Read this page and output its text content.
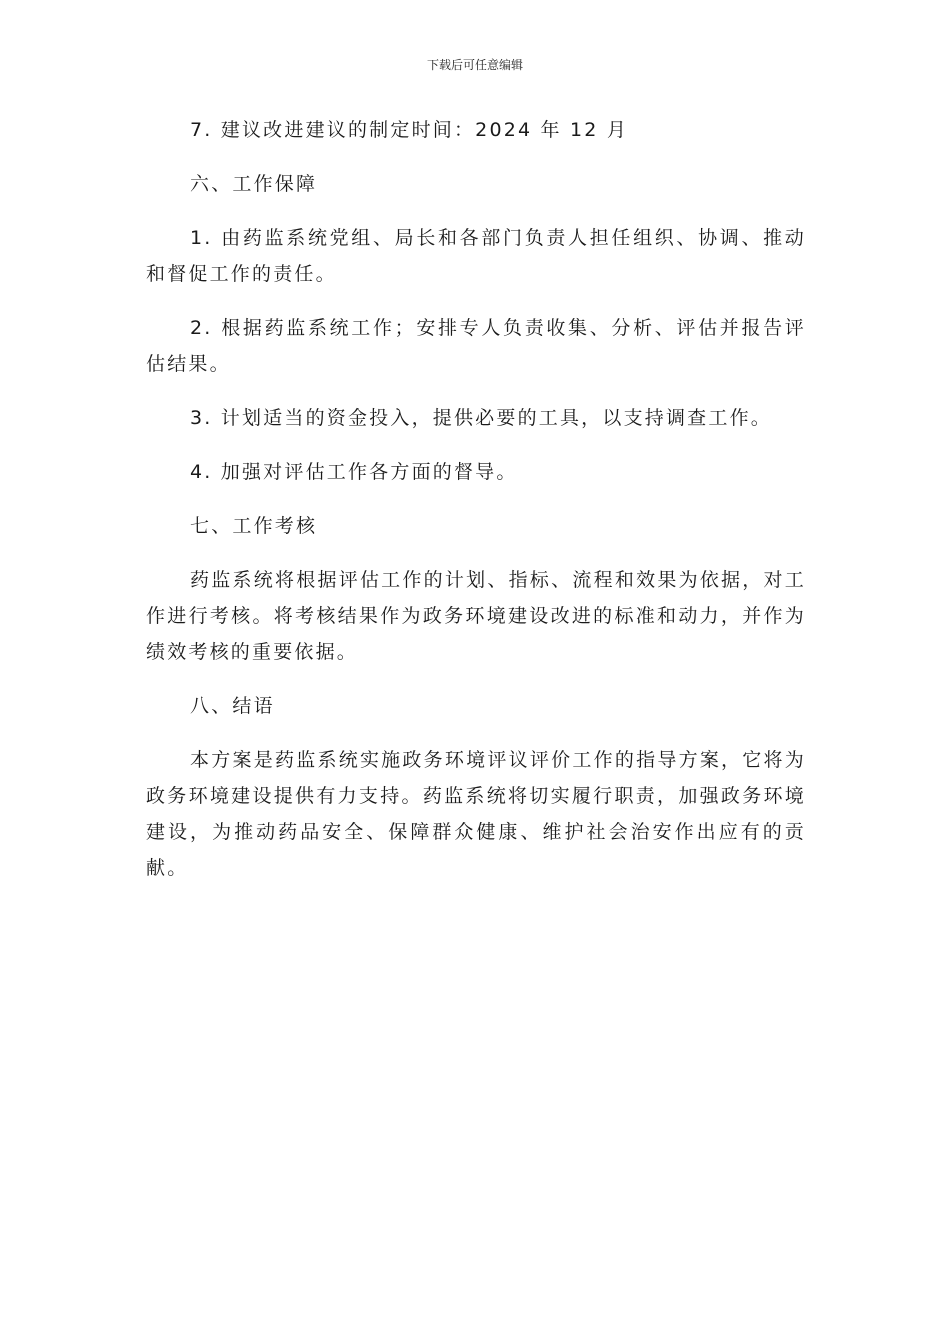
下载后可任意编辑

7. 建议改进建议的制定时间：2024 年 12 月

六、工作保障

1. 由药监系统党组、局长和各部门负责人担任组织、协调、推动和督促工作的责任。

2. 根据药监系统工作；安排专人负责收集、分析、评估并报告评估结果。

3. 计划适当的资金投入，提供必要的工具，以支持调查工作。

4. 加强对评估工作各方面的督导。

七、工作考核

药监系统将根据评估工作的计划、指标、流程和效果为依据，对工作进行考核。将考核结果作为政务环境建设改进的标准和动力，并作为绩效考核的重要依据。

八、结语

本方案是药监系统实施政务环境评议评价工作的指导方案，它将为政务环境建设提供有力支持。药监系统将切实履行职责，加强政务环境建设，为推动药品安全、保障群众健康、维护社会治安作出应有的贡献。
